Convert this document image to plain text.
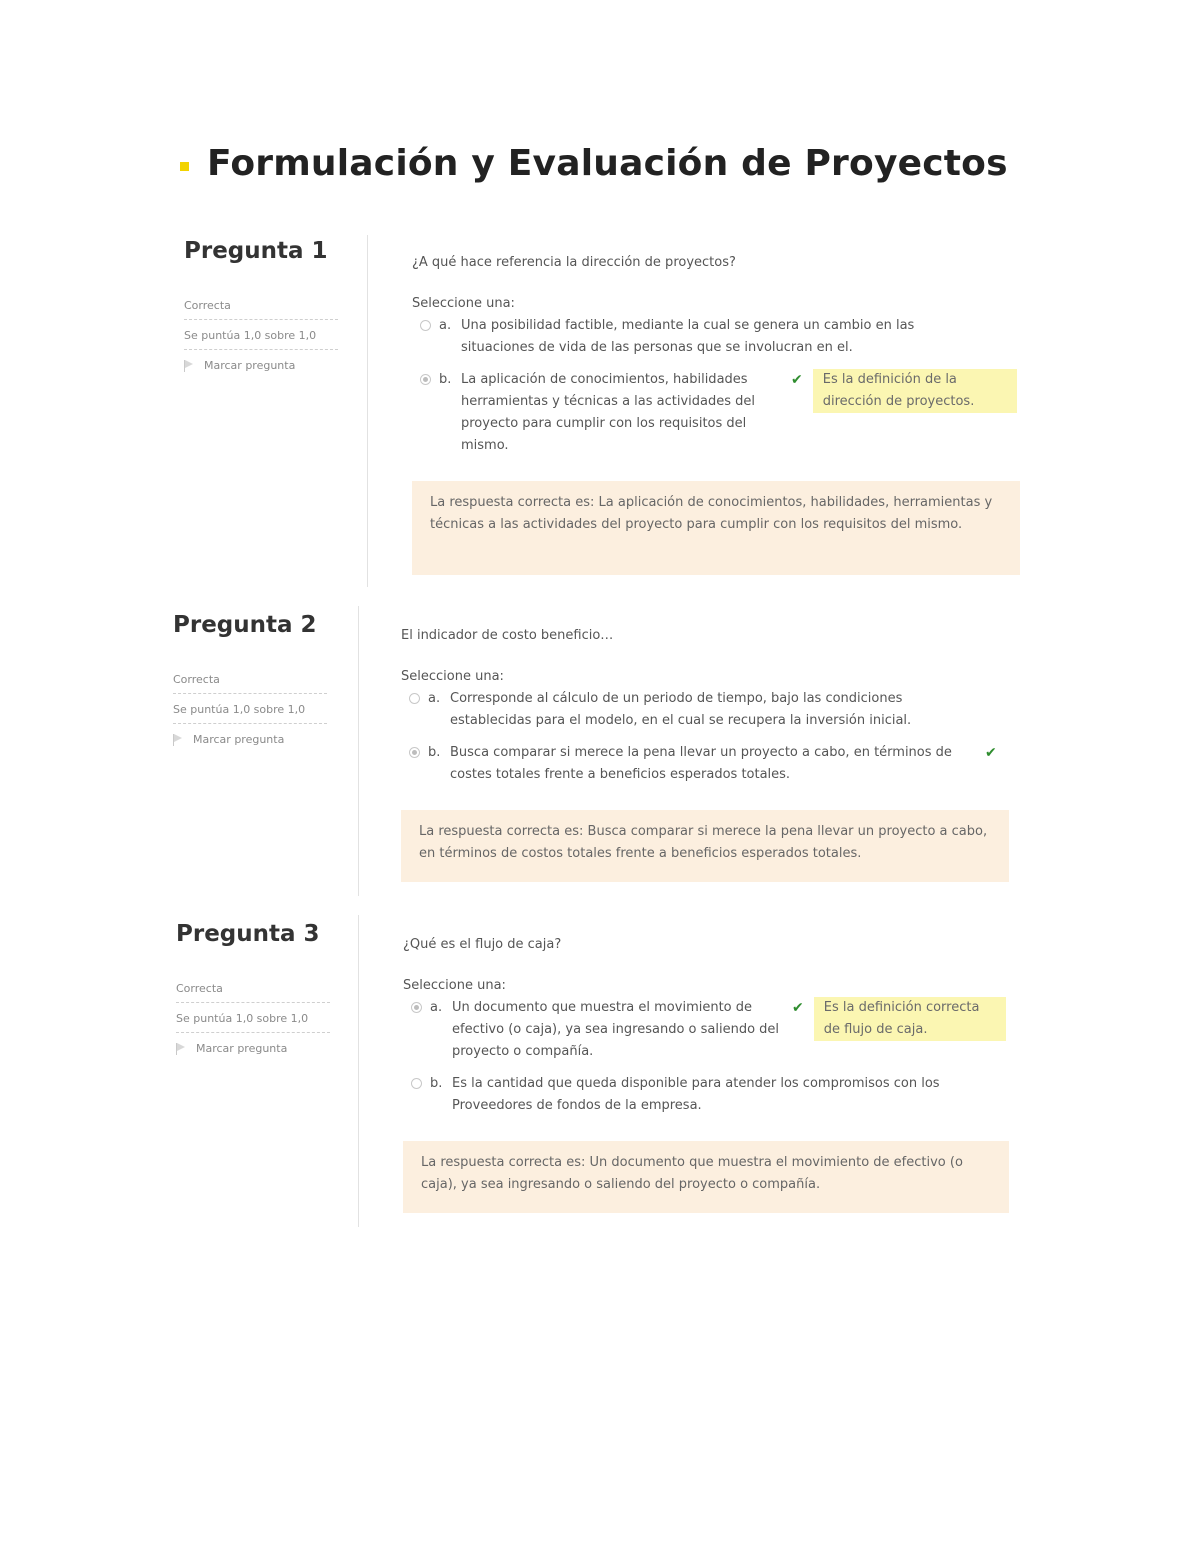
Formulación y Evaluación de Proyectos
Pregunta 1
Correcta
Se puntúa 1,0 sobre 1,0
Marcar pregunta

¿A qué hace referencia la dirección de proyectos?

Seleccione una:
a. Una posibilidad factible, mediante la cual se genera un cambio en las situaciones de vida de las personas que se involucran en el.
b. La aplicación de conocimientos, habilidades herramientas y técnicas a las actividades del proyecto para cumplir con los requisitos del mismo.
✔	Es la definición de la dirección de proyectos.
La respuesta correcta es: La aplicación de conocimientos, habilidades, herramientas y técnicas a las actividades del proyecto para cumplir con los requisitos del mismo.
Pregunta 2
Correcta
Se puntúa 1,0 sobre 1,0
Marcar pregunta

El indicador de costo beneficio…

Seleccione una:
a. Corresponde al cálculo de un periodo de tiempo, bajo las condiciones establecidas para el modelo, en el cual se recupera la inversión inicial.
b. Busca comparar si merece la pena llevar un proyecto a cabo, en términos de costes totales frente a beneficios esperados totales.
✔
La respuesta correcta es: Busca comparar si merece la pena llevar un proyecto a cabo, en términos de costos totales frente a beneficios esperados totales.
Pregunta 3
Correcta
Se puntúa 1,0 sobre 1,0
Marcar pregunta

¿Qué es el flujo de caja?

Seleccione una:
a. Un documento que muestra el movimiento de efectivo (o caja), ya sea ingresando o saliendo del proyecto o compañía.
✔	Es la definición correcta de flujo de caja.
b. Es la cantidad que queda disponible para atender los compromisos con los Proveedores de fondos de la empresa.
La respuesta correcta es: Un documento que muestra el movimiento de efectivo (o caja), ya sea ingresando o saliendo del proyecto o compañía.
